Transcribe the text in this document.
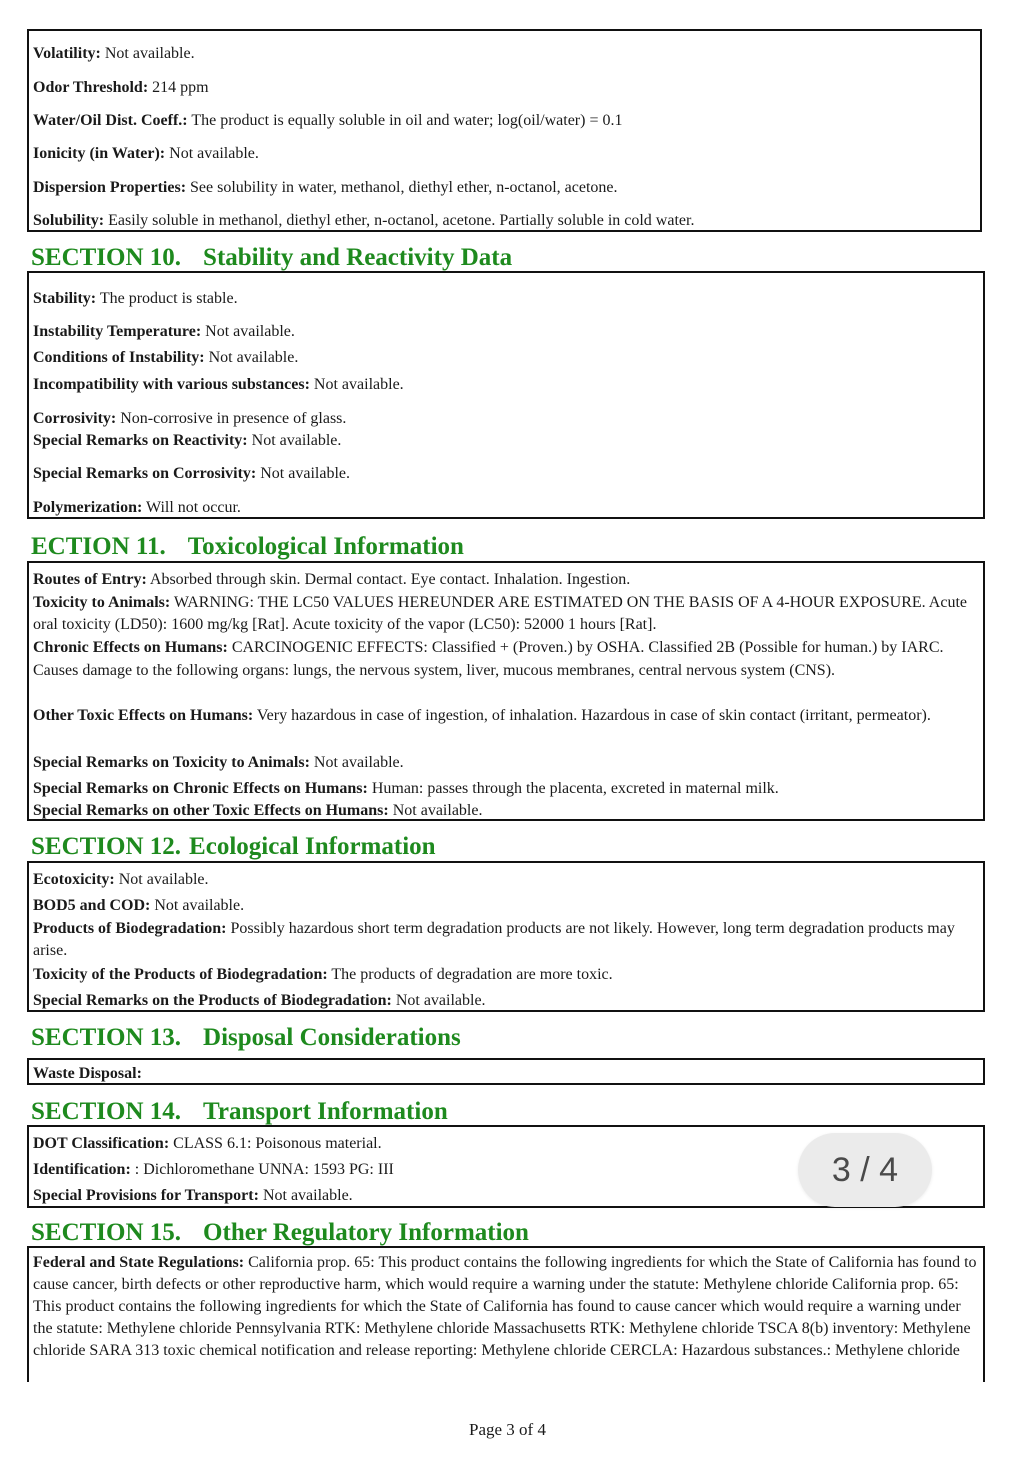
Volatility: Not available.
Odor Threshold: 214 ppm
Water/Oil Dist. Coeff.: The product is equally soluble in oil and water; log(oil/water) = 0.1
Ionicity (in Water): Not available.
Dispersion Properties: See solubility in water, methanol, diethyl ether, n-octanol, acetone.
Solubility: Easily soluble in methanol, diethyl ether, n-octanol, acetone. Partially soluble in cold water.
SECTION 10. Stability and Reactivity Data
Stability: The product is stable.
Instability Temperature: Not available.
Conditions of Instability: Not available.
Incompatibility with various substances: Not available.
Corrosivity: Non-corrosive in presence of glass.
Special Remarks on Reactivity: Not available.
Special Remarks on Corrosivity: Not available.
Polymerization: Will not occur.
ECTION 11. Toxicological Information
Routes of Entry: Absorbed through skin. Dermal contact. Eye contact. Inhalation. Ingestion.
Toxicity to Animals: WARNING: THE LC50 VALUES HEREUNDER ARE ESTIMATED ON THE BASIS OF A 4-HOUR EXPOSURE. Acute oral toxicity (LD50): 1600 mg/kg [Rat]. Acute toxicity of the vapor (LC50): 52000 1 hours [Rat].
Chronic Effects on Humans: CARCINOGENIC EFFECTS: Classified + (Proven.) by OSHA. Classified 2B (Possible for human.) by IARC. Causes damage to the following organs: lungs, the nervous system, liver, mucous membranes, central nervous system (CNS).
Other Toxic Effects on Humans: Very hazardous in case of ingestion, of inhalation. Hazardous in case of skin contact (irritant, permeator).
Special Remarks on Toxicity to Animals: Not available.
Special Remarks on Chronic Effects on Humans: Human: passes through the placenta, excreted in maternal milk.
Special Remarks on other Toxic Effects on Humans: Not available.
SECTION 12. Ecological Information
Ecotoxicity: Not available.
BOD5 and COD: Not available.
Products of Biodegradation: Possibly hazardous short term degradation products are not likely. However, long term degradation products may arise.
Toxicity of the Products of Biodegradation: The products of degradation are more toxic.
Special Remarks on the Products of Biodegradation: Not available.
SECTION 13. Disposal Considerations
Waste Disposal:
SECTION 14. Transport Information
DOT Classification: CLASS 6.1: Poisonous material.
Identification: : Dichloromethane UNNA: 1593 PG: III
Special Provisions for Transport: Not available.
SECTION 15. Other Regulatory Information
Federal and State Regulations: California prop. 65: This product contains the following ingredients for which the State of California has found to cause cancer, birth defects or other reproductive harm, which would require a warning under the statute: Methylene chloride California prop. 65: This product contains the following ingredients for which the State of California has found to cause cancer which would require a warning under the statute: Methylene chloride Pennsylvania RTK: Methylene chloride Massachusetts RTK: Methylene chloride TSCA 8(b) inventory: Methylene chloride SARA 313 toxic chemical notification and release reporting: Methylene chloride CERCLA: Hazardous substances.: Methylene chloride
3 / 4
Page 3 of 4
